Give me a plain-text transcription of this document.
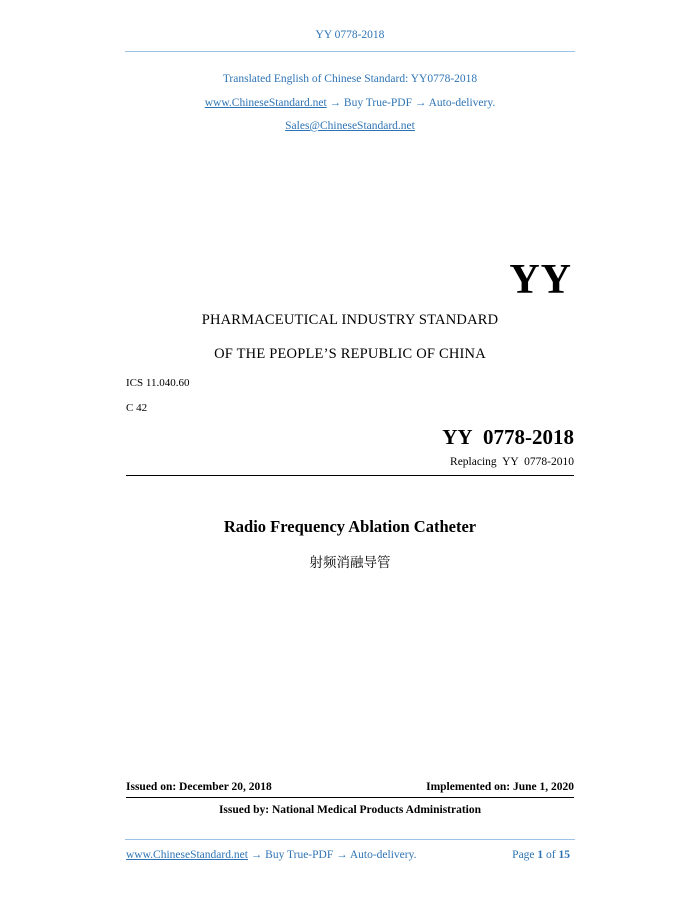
YY 0778-2018
Translated English of Chinese Standard: YY0778-2018
www.ChineseStandard.net → Buy True-PDF → Auto-delivery.
Sales@ChineseStandard.net
YY
PHARMACEUTICAL INDUSTRY STANDARD
OF THE PEOPLE’S REPUBLIC OF CHINA
ICS 11.040.60
C 42
YY 0778-2018
Replacing YY 0778-2010
Radio Frequency Ablation Catheter
射频消融导管
Issued on: December 20, 2018	Implemented on: June 1, 2020
Issued by: National Medical Products Administration
www.ChineseStandard.net → Buy True-PDF → Auto-delivery.	Page 1 of 15
